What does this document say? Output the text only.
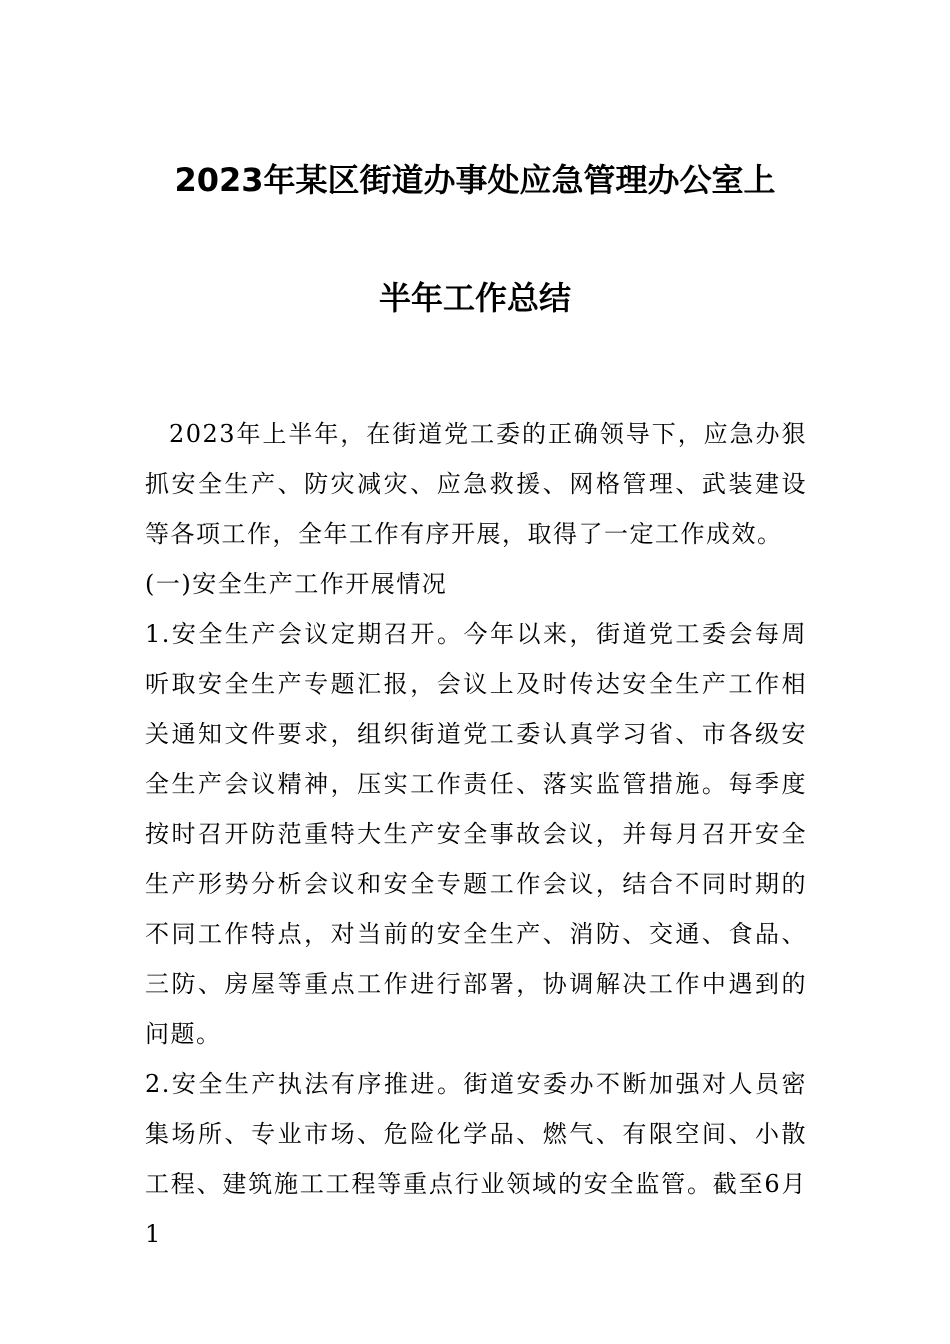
2023年某区街道办事处应急管理办公室上
半年工作总结

2023年上半年，在街道党工委的正确领导下，应急办狠抓安全生产、防灾减灾、应急救援、网格管理、武装建设等各项工作，全年工作有序开展，取得了一定工作成效。

(一)安全生产工作开展情况

1.安全生产会议定期召开。今年以来，街道党工委会每周听取安全生产专题汇报，会议上及时传达安全生产工作相关通知文件要求，组织街道党工委认真学习省、市各级安全生产会议精神，压实工作责任、落实监管措施。每季度按时召开防范重特大生产安全事故会议，并每月召开安全生产形势分析会议和安全专题工作会议，结合不同时期的不同工作特点，对当前的安全生产、消防、交通、食品、三防、房屋等重点工作进行部署，协调解决工作中遇到的问题。

2.安全生产执法有序推进。街道安委办不断加强对人员密集场所、专业市场、危险化学品、燃气、有限空间、小散工程、建筑施工工程等重点行业领域的安全监管。截至6月1
